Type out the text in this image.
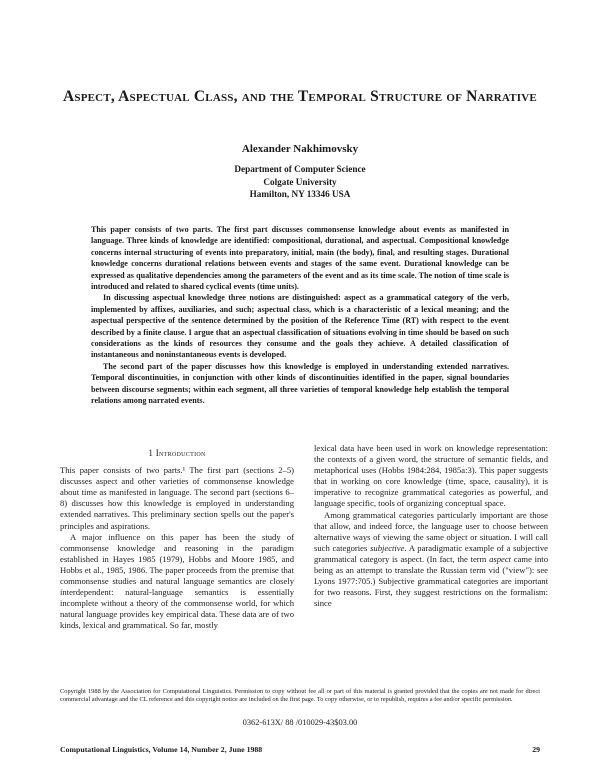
Aspect, Aspectual Class, and the Temporal Structure of Narrative
Alexander Nakhimovsky
Department of Computer Science
Colgate University
Hamilton, NY 13346 USA

This paper consists of two parts. The first part discusses commonsense knowledge about events as manifested in language. Three kinds of knowledge are identified: compositional, durational, and aspectual. Compositional knowledge concerns internal structuring of events into preparatory, initial, main (the body), final, and resulting stages. Durational knowledge concerns durational relations between events and stages of the same event. Durational knowledge can be expressed as qualitative dependencies among the parameters of the event and as its time scale. The notion of time scale is introduced and related to shared cyclical events (time units).

In discussing aspectual knowledge three notions are distinguished: aspect as a grammatical category of the verb, implemented by affixes, auxiliaries, and such; aspectual class, which is a characteristic of a lexical meaning; and the aspectual perspective of the sentence determined by the position of the Reference Time (RT) with respect to the event described by a finite clause. I argue that an aspectual classification of situations evolving in time should be based on such considerations as the kinds of resources they consume and the goals they achieve. A detailed classification of instantaneous and noninstantaneous events is developed.

The second part of the paper discusses how this knowledge is employed in understanding extended narratives. Temporal discontinuities, in conjunction with other kinds of discontinuities identified in the paper, signal boundaries between discourse segments; within each segment, all three varieties of temporal knowledge help establish the temporal relations among narrated events.

1 Introduction

This paper consists of two parts.¹ The first part (sections 2–5) discusses aspect and other varieties of commonsense knowledge about time as manifested in language. The second part (sections 6–8) discusses how this knowledge is employed in understanding extended narratives. This preliminary section spells out the paper's principles and aspirations.

A major influence on this paper has been the study of commonsense knowledge and reasoning in the paradigm established in Hayes 1985 (1979), Hobbs and Moore 1985, and Hobbs et al., 1985, 1986. The paper proceeds from the premise that commonsense studies and natural language semantics are closely interdependent: natural-language semantics is essentially incomplete without a theory of the commonsense world, for which natural language provides key empirical data. These data are of two kinds, lexical and grammatical. So far, mostly

lexical data have been used in work on knowledge representation: the contexts of a given word, the structure of semantic fields, and metaphorical uses (Hobbs 1984:284, 1985a:3). This paper suggests that in working on core knowledge (time, space, causality), it is imperative to recognize grammatical categories as powerful, and language specific, tools of organizing conceptual space.

Among grammatical categories particularly important are those that allow, and indeed force, the language user to choose between alternative ways of viewing the same object or situation. I will call such categories subjective. A paradigmatic example of a subjective grammatical category is aspect. (In fact, the term aspect came into being as an attempt to translate the Russian term vid ("view"): see Lyons 1977:705.) Subjective grammatical categories are important for two reasons. First, they suggest restrictions on the formalism: since

Copyright 1988 by the Association for Computational Linguistics. Permission to copy without fee all or part of this material is granted provided that the copies are not made for direct commercial advantage and the CL reference and this copyright notice are included on the first page. To copy otherwise, or to republish, requires a fee and/or specific permission.
0362-613X/ 88 /010029-43$03.00
Computational Linguistics, Volume 14, Number 2, June 1988	29
